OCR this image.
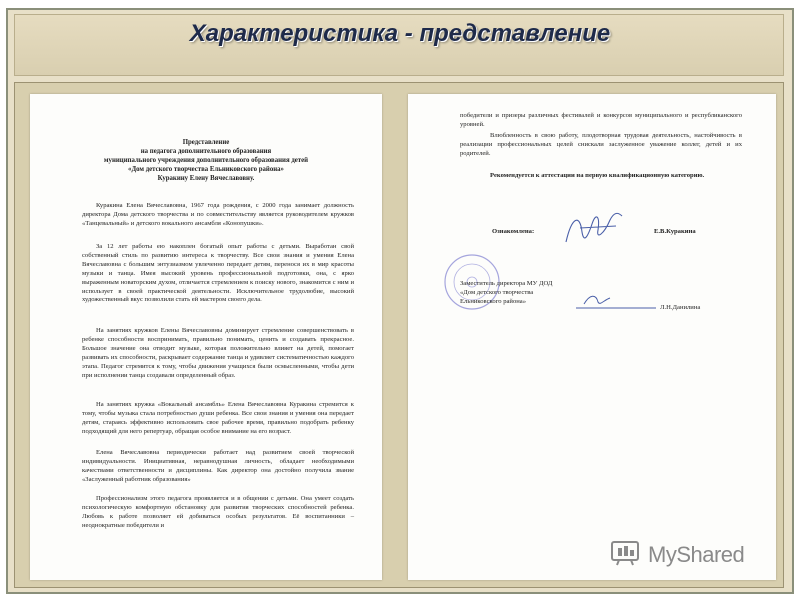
Характеристика - представление
Представление
на педагога дополнительного образования
муниципального учреждения дополнительного образования детей
«Дом детского творчества Ельниковского района»
Куракину Елену Вячеславовну.
Куракина Елена Вячеславовна, 1967 года рождения, с 2000 года занимает должность директора Дома детского творчества и по совместительству является руководителем кружков «Танцевальный» и детского вокального ансамбля «Конопушки».
За 12 лет работы ею накоплен богатый опыт работы с детьми. Выработан свой собственный стиль по развитию интереса к творчеству. Все свои знания и умения Елена Вячеславовна с большим энтузиазмом увлеченно передает детям, перенося их в мир красоты музыки и танца. Имея высокий уровень профессиональной подготовки, она, с ярко выраженным новаторским духом, отличается стремлением к поиску нового, знакомится с ним и использует в своей практической деятельности. Исключительное трудолюбие, высокий художественный вкус позволили стать ей мастером своего дела.
На занятиях кружков Елены Вячеславовны доминирует стремление совершенствовать в ребенке способности воспринимать, правильно понимать, ценить и создавать прекрасное. Большое значение она отводит музыке, которая положительно влияет на детей, помогает развивать их способности, раскрывает содержание танца и удивляет систематичностью каждого этапа. Педагог стремится к тому, чтобы движения учащихся были осмысленными, чтобы дети при исполнении танца создавали определенный образ.
На занятиях кружка «Вокальный ансамбль» Елена Вячеславовна Куракина стремится к тому, чтобы музыка стала потребностью души ребенка. Все свои знания и умения она передает детям, стараясь эффективно использовать свое рабочее время, правильно подобрать ребенку подходящий для него репертуар, обращая особое внимание на его возраст.
Елена Вячеславовна периодически работает над развитием своей творческой индивидуальности. Инициативная, неравнодушная личность, обладает необходимыми качествами ответственности и дисциплины. Как директор она достойно получила звание «Заслуженный работник образования»
Профессионализм этого педагога проявляется и в общении с детьми. Она умеет создать психологическую комфортную обстановку для развития творческих способностей ребенка. Любовь к работе позволяет ей добиваться особых результатов. Её воспитанники – неоднократные победители и
победители и призеры различных фестивалей и конкурсов муниципального и республиканского уровней.
Влюбленность в свою работу, плодотворная трудовая деятельность, настойчивость в реализации профессиональных целей снискали заслуженное уважение коллег, детей и их родителей.
Рекомендуется к аттестации на первую квалификационную категорию.
Ознакомлена:	Е.В.Куракина
Заместитель директора МУ ДОД
«Дом детского творчества
Ельниковского района»
Л.Н.Данилина
MyShared
